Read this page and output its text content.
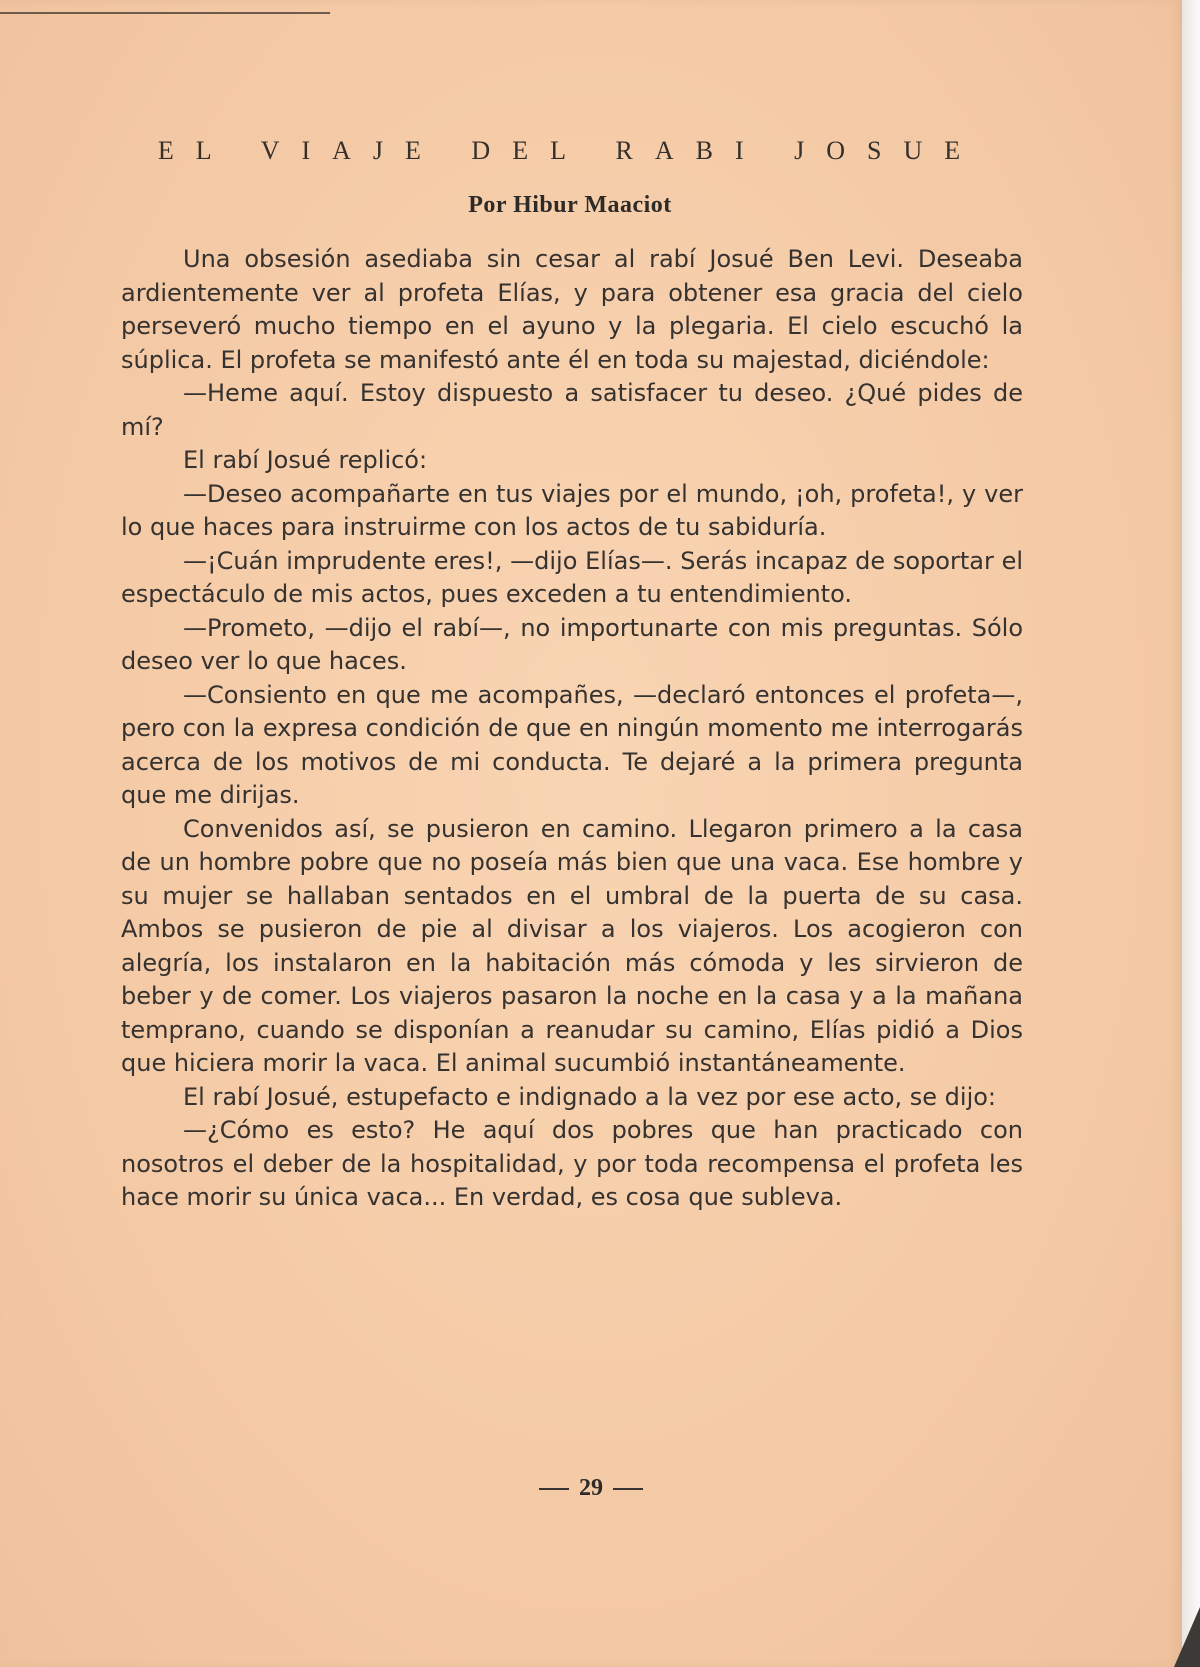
EL VIAJE DEL RABI JOSUE
Por Hibur Maaciot

Una obsesión asediaba sin cesar al rabí Josué Ben Levi. Deseaba ardientemente ver al profeta Elías, y para obtener esa gracia del cielo perseveró mucho tiempo en el ayuno y la plegaria. El cielo escuchó la súplica. El profeta se manifestó ante él en toda su majestad, diciéndole:

—Heme aquí. Estoy dispuesto a satisfacer tu deseo. ¿Qué pides de mí?

El rabí Josué replicó:

—Deseo acompañarte en tus viajes por el mundo, ¡oh, profeta!, y ver lo que haces para instruirme con los actos de tu sabiduría.

—¡Cuán imprudente eres!, —dijo Elías—. Serás incapaz de soportar el espectáculo de mis actos, pues exceden a tu entendimiento.

—Prometo, —dijo el rabí—, no importunarte con mis preguntas. Sólo deseo ver lo que haces.

—Consiento en que me acompañes, —declaró entonces el profeta—, pero con la expresa condición de que en ningún momento me interrogarás acerca de los motivos de mi conducta. Te dejaré a la primera pregunta que me dirijas.

Convenidos así, se pusieron en camino. Llegaron primero a la casa de un hombre pobre que no poseía más bien que una vaca. Ese hombre y su mujer se hallaban sentados en el umbral de la puerta de su casa. Ambos se pusieron de pie al divisar a los viajeros. Los acogieron con alegría, los instalaron en la habitación más cómoda y les sirvieron de beber y de comer. Los viajeros pasaron la noche en la casa y a la mañana temprano, cuando se disponían a reanudar su camino, Elías pidió a Dios que hiciera morir la vaca. El animal sucumbió instantáneamente.

El rabí Josué, estupefacto e indignado a la vez por ese acto, se dijo:

—¿Cómo es esto? He aquí dos pobres que han practicado con nosotros el deber de la hospitalidad, y por toda recompensa el profeta les hace morir su única vaca... En verdad, es cosa que subleva.

29
